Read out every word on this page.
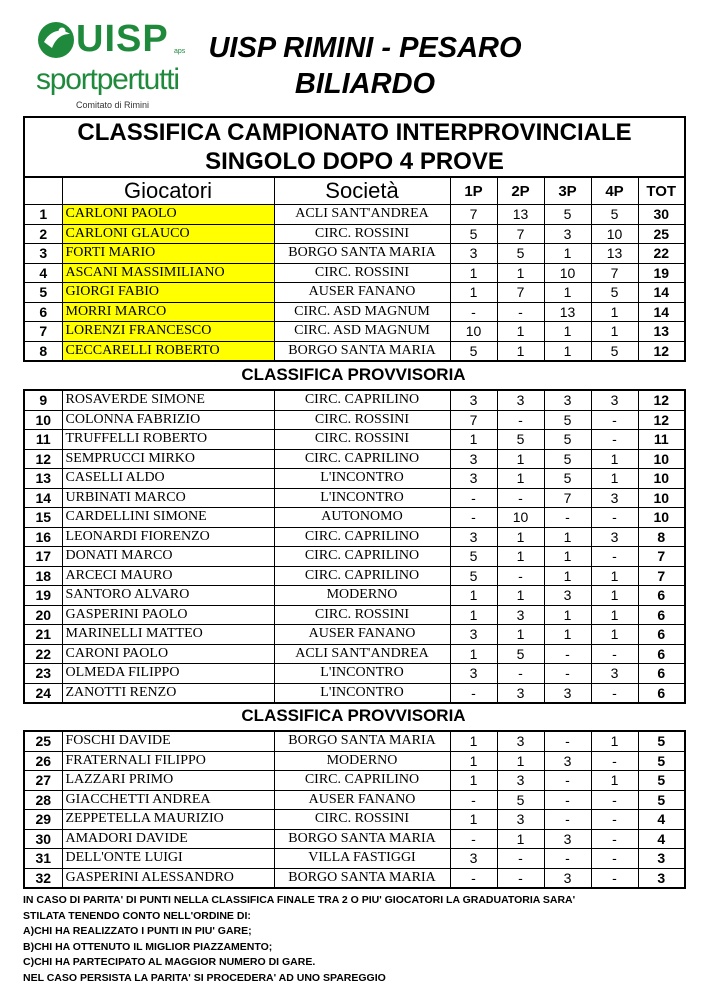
UISP aps
sportpertutti
Comitato di Rimini
UISP RIMINI - PESARO
BILIARDO
CLASSIFICA CAMPIONATO INTERPROVINCIALE
SINGOLO DOPO 4 PROVE							

	Giocatori	Società	1P	2P	3P	4P	TOT
1	CARLONI PAOLO	ACLI SANT'ANDREA	7	13	5	5	30
2	CARLONI GLAUCO	CIRC. ROSSINI	5	7	3	10	25
3	FORTI MARIO	BORGO SANTA MARIA	3	5	1	13	22
4	ASCANI MASSIMILIANO	CIRC. ROSSINI	1	1	10	7	19
5	GIORGI FABIO	AUSER FANANO	1	7	1	5	14
6	MORRI MARCO	CIRC. ASD MAGNUM	-	-	13	1	14
7	LORENZI FRANCESCO	CIRC. ASD MAGNUM	10	1	1	1	13
8	CECCARELLI ROBERTO	BORGO SANTA MARIA	5	1	1	5	12
CLASSIFICA PROVVISORIA
9	ROSAVERDE SIMONE	CIRC. CAPRILINO	3	3	3	3	12
10	COLONNA FABRIZIO	CIRC. ROSSINI	7	-	5	-	12
11	TRUFFELLI ROBERTO	CIRC. ROSSINI	1	5	5	-	11
12	SEMPRUCCI MIRKO	CIRC. CAPRILINO	3	1	5	1	10
13	CASELLI ALDO	L'INCONTRO	3	1	5	1	10
14	URBINATI MARCO	L'INCONTRO	-	-	7	3	10
15	CARDELLINI SIMONE	AUTONOMO	-	10	-	-	10
16	LEONARDI FIORENZO	CIRC. CAPRILINO	3	1	1	3	8
17	DONATI MARCO	CIRC. CAPRILINO	5	1	1	-	7
18	ARCECI MAURO	CIRC. CAPRILINO	5	-	1	1	7
19	SANTORO ALVARO	MODERNO	1	1	3	1	6
20	GASPERINI PAOLO	CIRC. ROSSINI	1	3	1	1	6
21	MARINELLI MATTEO	AUSER FANANO	3	1	1	1	6
22	CARONI PAOLO	ACLI SANT'ANDREA	1	5	-	-	6
23	OLMEDA FILIPPO	L'INCONTRO	3	-	-	3	6
24	ZANOTTI RENZO	L'INCONTRO	-	3	3	-	6
CLASSIFICA PROVVISORIA
25	FOSCHI DAVIDE	BORGO SANTA MARIA	1	3	-	1	5
26	FRATERNALI FILIPPO	MODERNO	1	1	3	-	5
27	LAZZARI PRIMO	CIRC. CAPRILINO	1	3	-	1	5
28	GIACCHETTI ANDREA	AUSER FANANO	-	5	-	-	5
29	ZEPPETELLA MAURIZIO	CIRC. ROSSINI	1	3	-	-	4
30	AMADORI DAVIDE	BORGO SANTA MARIA	-	1	3	-	4
31	DELL'ONTE LUIGI	VILLA FASTIGGI	3	-	-	-	3
32	GASPERINI ALESSANDRO	BORGO SANTA MARIA	-	-	3	-	3
IN CASO DI PARITA' DI PUNTI NELLA CLASSIFICA FINALE TRA 2 O PIU' GIOCATORI LA GRADUATORIA SARA'
STILATA TENENDO CONTO NELL'ORDINE DI:
A)CHI HA REALIZZATO I PUNTI IN PIU' GARE;
B)CHI HA OTTENUTO IL MIGLIOR PIAZZAMENTO;
C)CHI HA PARTECIPATO AL MAGGIOR NUMERO DI GARE.
NEL CASO PERSISTA LA PARITA' SI PROCEDERA' AD UNO SPAREGGIO
